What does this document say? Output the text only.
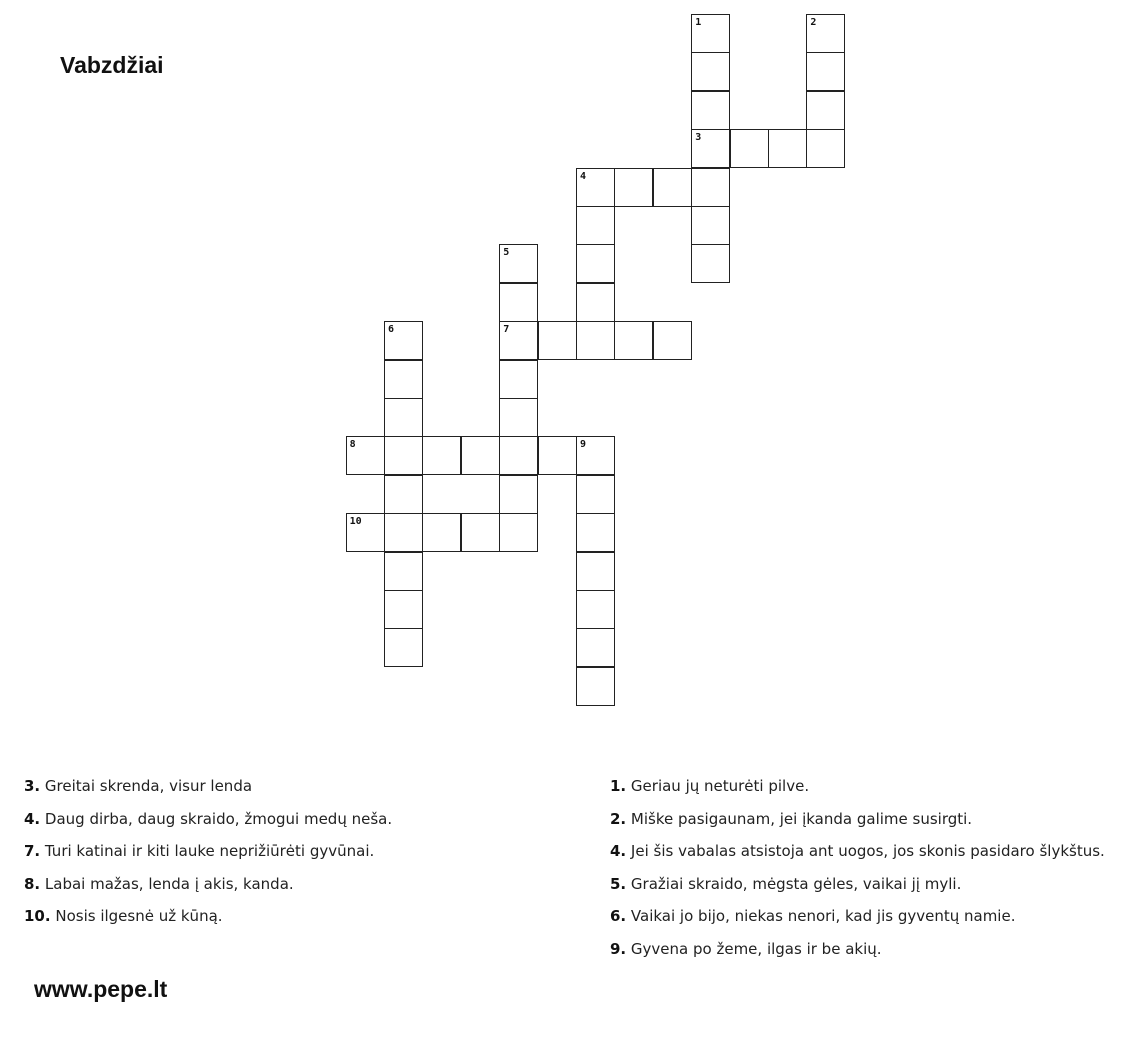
Vabzdžiai
1
3
2
4
5
7
6
8	9
10
3. Greitai skrenda, visur lenda
4. Daug dirba, daug skraido, žmogui medų neša.
7. Turi katinai ir kiti lauke neprižiūrėti gyvūnai.
8. Labai mažas, lenda į akis, kanda.
10. Nosis ilgesnė už kūną.
1. Geriau jų neturėti pilve.
2. Miške pasigaunam, jei įkanda galime susirgti.
4. Jei šis vabalas atsistoja ant uogos, jos skonis pasidaro šlykštus.
5. Gražiai skraido, mėgsta gėles, vaikai jį myli.
6. Vaikai jo bijo, niekas nenori, kad jis gyventų namie.
9. Gyvena po žeme, ilgas ir be akių.
www.pepe.lt
